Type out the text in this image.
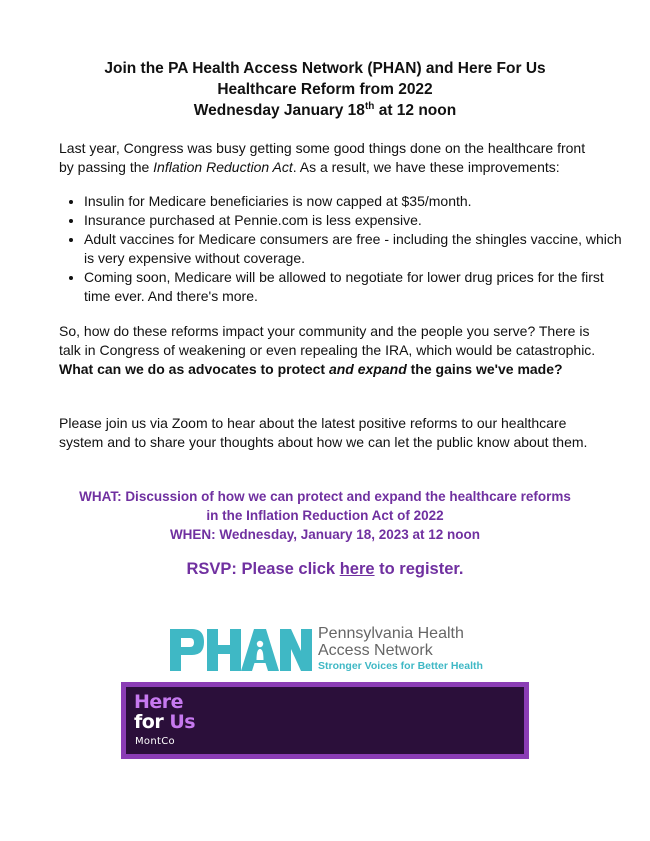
Join the PA Health Access Network (PHAN) and Here For Us
Healthcare Reform from 2022
Wednesday January 18th at 12 noon
Last year, Congress was busy getting some good things done on the healthcare front by passing the Inflation Reduction Act. As a result, we have these improvements:
• Insulin for Medicare beneficiaries is now capped at $35/month.
• Insurance purchased at Pennie.com is less expensive.
• Adult vaccines for Medicare consumers are free - including the shingles vaccine, which is very expensive without coverage.
• Coming soon, Medicare will be allowed to negotiate for lower drug prices for the first time ever. And there's more.
So, how do these reforms impact your community and the people you serve? There is talk in Congress of weakening or even repealing the IRA, which would be catastrophic. What can we do as advocates to protect and expand the gains we've made?
Please join us via Zoom to hear about the latest positive reforms to our healthcare system and to share your thoughts about how we can let the public know about them.
WHAT: Discussion of how we can protect and expand the healthcare reforms
in the Inflation Reduction Act of 2022
WHEN: Wednesday, January 18, 2023 at 12 noon
RSVP: Please click here to register.
Pennsylvania Health
Access Network
Stronger Voices for Better Health
Here
for Us
MontCo
